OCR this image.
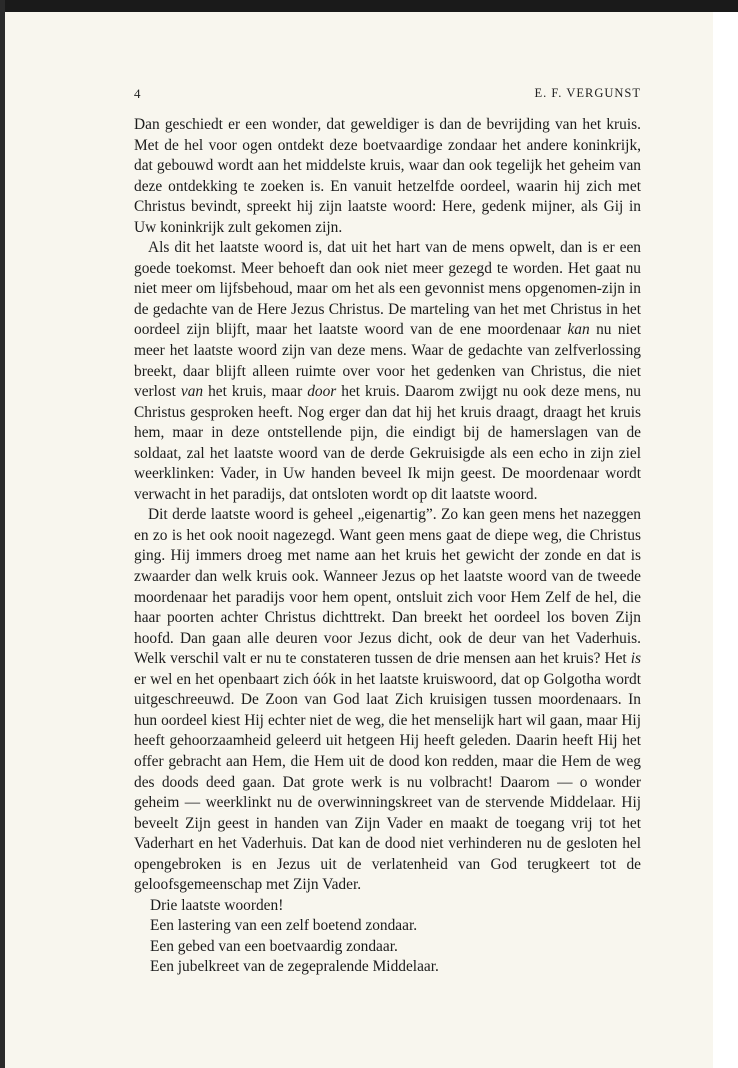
4	E. F. VERGUNST

Dan geschiedt er een wonder, dat geweldiger is dan de bevrijding van het kruis. Met de hel voor ogen ontdekt deze boetvaardige zondaar het andere koninkrijk, dat gebouwd wordt aan het middelste kruis, waar dan ook tegelijk het geheim van deze ontdekking te zoeken is. En vanuit hetzelfde oordeel, waarin hij zich met Christus bevindt, spreekt hij zijn laatste woord: Here, gedenk mijner, als Gij in Uw koninkrijk zult gekomen zijn.

Als dit het laatste woord is, dat uit het hart van de mens opwelt, dan is er een goede toekomst. Meer behoeft dan ook niet meer gezegd te worden. Het gaat nu niet meer om lijfsbehoud, maar om het als een gevonnist mens opgenomen-zijn in de gedachte van de Here Jezus Christus. De marteling van het met Christus in het oordeel zijn blijft, maar het laatste woord van de ene moordenaar kan nu niet meer het laatste woord zijn van deze mens. Waar de gedachte van zelfverlossing breekt, daar blijft alleen ruimte over voor het gedenken van Christus, die niet verlost van het kruis, maar door het kruis. Daarom zwijgt nu ook deze mens, nu Christus gesproken heeft. Nog erger dan dat hij het kruis draagt, draagt het kruis hem, maar in deze ontstellende pijn, die eindigt bij de hamerslagen van de soldaat, zal het laatste woord van de derde Gekruisigde als een echo in zijn ziel weerklinken: Vader, in Uw handen beveel Ik mijn geest. De moordenaar wordt verwacht in het paradijs, dat ontsloten wordt op dit laatste woord.

Dit derde laatste woord is geheel „eigenartig”. Zo kan geen mens het nazeggen en zo is het ook nooit nagezegd. Want geen mens gaat de diepe weg, die Christus ging. Hij immers droeg met name aan het kruis het gewicht der zonde en dat is zwaarder dan welk kruis ook. Wanneer Jezus op het laatste woord van de tweede moordenaar het paradijs voor hem opent, ontsluit zich voor Hem Zelf de hel, die haar poorten achter Christus dichttrekt. Dan breekt het oordeel los boven Zijn hoofd. Dan gaan alle deuren voor Jezus dicht, ook de deur van het Vaderhuis. Welk verschil valt er nu te constateren tussen de drie mensen aan het kruis? Het is er wel en het openbaart zich óók in het laatste kruiswoord, dat op Golgotha wordt uitgeschreeuwd. De Zoon van God laat Zich kruisigen tussen moordenaars. In hun oordeel kiest Hij echter niet de weg, die het menselijk hart wil gaan, maar Hij heeft gehoorzaamheid geleerd uit hetgeen Hij heeft geleden. Daarin heeft Hij het offer gebracht aan Hem, die Hem uit de dood kon redden, maar die Hem de weg des doods deed gaan. Dat grote werk is nu volbracht! Daarom — o wonder geheim — weerklinkt nu de overwinningskreet van de stervende Middelaar. Hij beveelt Zijn geest in handen van Zijn Vader en maakt de toegang vrij tot het Vaderhart en het Vaderhuis. Dat kan de dood niet verhinderen nu de gesloten hel opengebroken is en Jezus uit de verlatenheid van God terugkeert tot de geloofsgemeenschap met Zijn Vader.

Drie laatste woorden!

Een lastering van een zelf boetend zondaar.

Een gebed van een boetvaardig zondaar.

Een jubelkreet van de zegepralende Middelaar.
